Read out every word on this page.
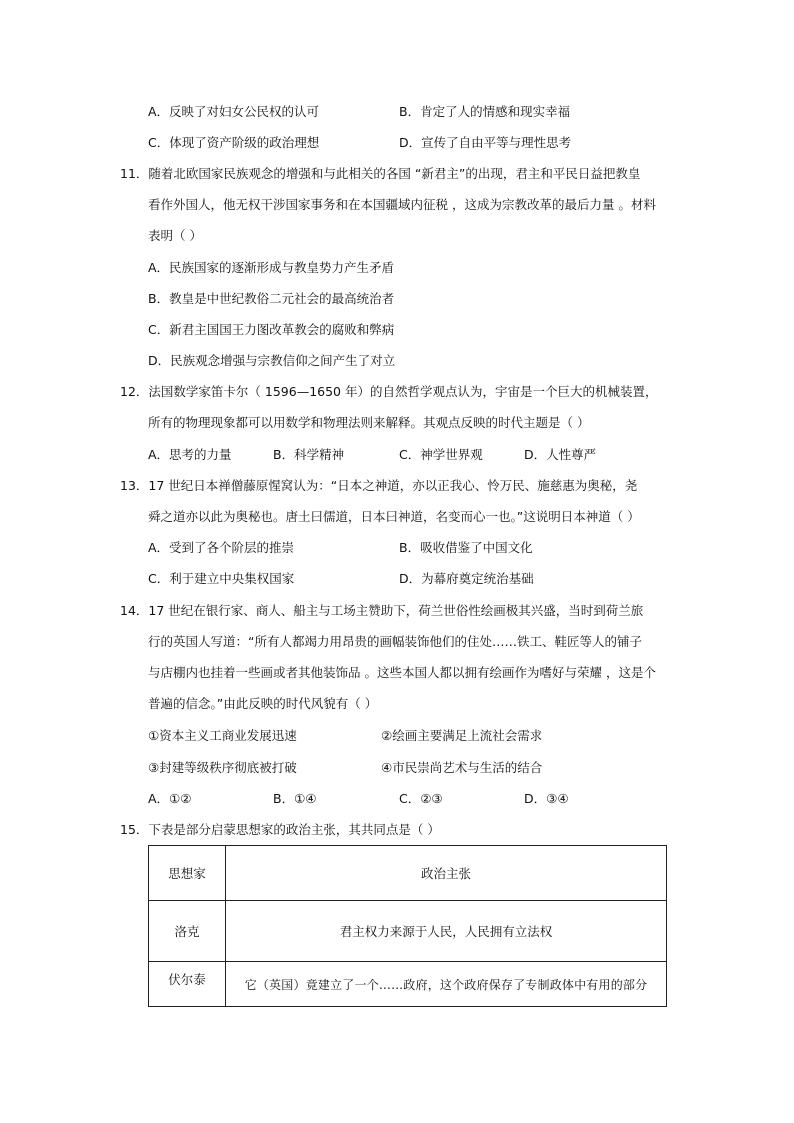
A．反映了对妇女公民权的认可	B．肯定了人的情感和现实幸福
C．体现了资产阶级的政治理想	D．宣传了自由平等与理性思考
11．随着北欧国家民族观念的增强和与此相关的各国 “新君主”的出现，君主和平民日益把教皇
看作外国人，他无权干涉国家事务和在本国疆域内征税 ，这成为宗教改革的最后力量 。材料
表明（ ）
A．民族国家的逐渐形成与教皇势力产生矛盾
B．教皇是中世纪教俗二元社会的最高统治者
C．新君主国国王力图改革教会的腐败和弊病
D．民族观念增强与宗教信仰之间产生了对立
12．法国数学家笛卡尔（ 1596—1650 年）的自然哲学观点认为，宇宙是一个巨大的机械装置，
所有的物理现象都可以用数学和物理法则来解释。其观点反映的时代主题是（ ）
A．思考的力量	B．科学精神	C．神学世界观	D．人性尊严
13．17 世纪日本禅僧藤原惺窝认为：“日本之神道，亦以正我心、怜万民、施慈惠为奥秘，尧
舜之道亦以此为奥秘也。唐土曰儒道，日本曰神道，名变而心一也。”这说明日本神道（ ）
A．受到了各个阶层的推崇	B．吸收借鉴了中国文化
C．利于建立中央集权国家	D．为幕府奠定统治基础
14．17 世纪在银行家、商人、船主与工场主赞助下，荷兰世俗性绘画极其兴盛，当时到荷兰旅
行的英国人写道：“所有人都竭力用昂贵的画幅装饰他们的住处……铁工、鞋匠等人的铺子
与店棚内也挂着一些画或者其他装饰品 。这些本国人都以拥有绘画作为嗜好与荣耀 ，这是个
普遍的信念。”由此反映的时代风貌有（ ）
①资本主义工商业发展迅速	②绘画主要满足上流社会需求
③封建等级秩序彻底被打破	④市民崇尚艺术与生活的结合
A．①②	B．①④	C．②③	D．③④
15．下表是部分启蒙思想家的政治主张，其共同点是（ ）
思想家	政治主张
洛克	君主权力来源于人民，人民拥有立法权
伏尔泰	它（英国）竟建立了一个……政府，这个政府保存了专制政体中有用的部分
